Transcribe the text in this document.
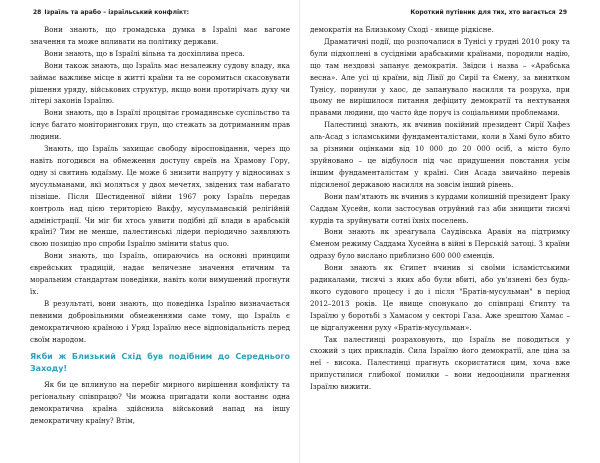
28 Ізраїль та арабо – ізраїльський конфлікт:

Вони знають, що громадська думка в Ізраїлі має вагоме значення та може впливати на політику держави.

Вони знають, що в Ізраїлі вільна та досхіплива преса.

Вони також знають, що Ізраїль має незалежну судову владу, яка займає важливе місце в житті країни та не соромиться скасовувати рішення уряду, військових структур, якщо вони протирічать духу чи літері законів Ізраїлю.

Вони знають, що в Ізраїлі процвітає громадянське суспільство та існує багато моніторингових груп, що стежать за дотриманням прав людини.

Знають, що Ізраїль захищає свободу віросповідання, через що навіть погодився на обмеження доступу євреїв на Храмову Гору, одну зі святинь юдаїзму. Це може 6 знизити напругу у відносинах з мусульманами, які моляться у двох мечетях, звідених там набагато пізніше. Після Шестиденної війни 1967 року Ізраїль передав контроль над цією територією Вакфу, мусульманській релігійній адміністрації. Чи міг би хтось уявити подібні дії влади в арабській країні? Тим не менше, палестинські лідери періодично заявляють свою позицію про спроби Ізраїлю змінити status quo.

Вони знають, що Ізраїль, опираючись на основні принципи єврейських традицій, надає величезне значення етичним та моральним стандартам поведінки, навіть коли вимушений прогнути їх.

В результаті, вони знають, що поведінка Ізраїлю визначається певними добровільними обмеженнями саме тому, що Ізраїль є демократичною країною і Уряд Ізраїлю несе відповідальність перед своїм народом.

Якби ж Близький Схід був подібним до Середнього Заходу!

Як би це вплинуло на перебіг мирного вирішення конфлікту та регіональну співпрацю? Чи можна пригадати коли востаннє одна демократична країна здійснила військовий напад на іншу демократичну країну? Втім,

Короткий путівник для тих, хто вагається 29

демократія на Близькому Сході - явище рідкісне.

Драматичні події, що розпочалися в Тунісі у грудні 2010 року та були підхоплені в сусідніми арабськими країнами, породили надію, що там нездовзі запанує демократія. Звідси і назва – «Арабська весна». Але усі ці країни, від Лівії до Сирії та Ємену, за винятком Тунісу, поринули у хаос, де запанувало насилля та розруха, при цьому не вирішилося питання дефіциту демократії та нехтування правами людини, що часто йде поруч із соціальними проблемами.

Палестинці знають, як вчинив покійний президент Сирії Хафез аль-Асад з ісламськими фундаменталістами, коли в Хамі було вбито за різними оцінками від 10 000 до 20 000 осіб, а місто було зруйновано – це відбулося під час придушення повстання усім іншим фундаменталістам у країні. Син Асада звичайно перевів підсиленої державою насилля на зовсім інший рівень.

Вони пам'ятають як вчинив з курдами колишній президент Іраку Саддам Хусейн, коли застосував отруйний газ аби знищити тисячі курдів та зруйнувати сотні їхніх поселень.

Вони знають як зреагувала Саудівська Аравія на підтримку Єменом режиму Саддама Хусейна в війні в Перській затоці. З країни одразу було вислано приблизно 600 000 єменців.

Вони знають як Єгипет вчинив зі своїми ісламістськими радикалами, тисячі з яких або були вбиті, або ув'язнені без будь-якого судового процесу і до і після "Братів-мусульман" в період 2012–2013 років. Це явище спонукало до співпраці Єгипту та Ізраїлю у боротьбі з Хамасом у секторі Газа. Аже зрештою Хамас – це відгалуження руху «Братів-мусульман».

Так палестинці розраховують, що Ізраїль не поводиться у схожий з цих прикладів. Сила Ізраїлю його демократії, але ціна за неї - висока. Палестинці прагнуть скористатися цим, хоча вже припустилися глибокої помилки – вони недооцінили прагнення Ізраїлю вижити.
